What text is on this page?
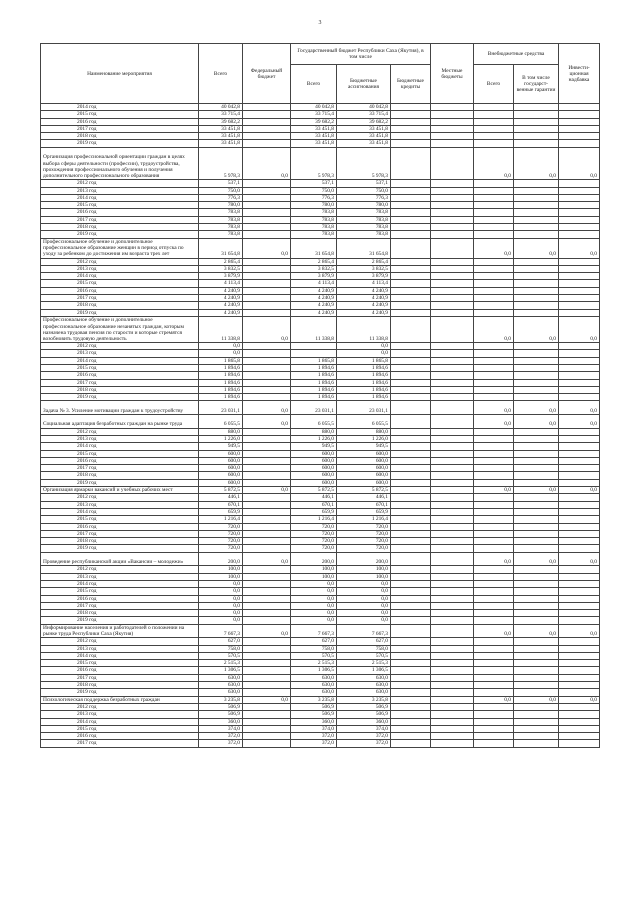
3
Наименование мероприятия	Всего	Федеральный бюджет	Государственный бюджет Республики Саха (Якутия), в том числе			Местные бюджеты	Внебюджетные средства		Инвести-ционная надбавка
			Всего	Бюджетные ассигнования	Бюджетные кредиты		Всего	В том числе государст-венные гарантии	
2014 год	40 042,8		40 042,8	40 042,8					
2015 год	33 715,4		33 715,4	33 715,4					
2016 год	39 682,2		39 682,2	39 682,2					
2017 год	33 451,8		33 451,8	33 451,8					
2018 год	33 451,8		33 451,8	33 451,8					
2019 год	33 451,8		33 451,8	33 451,8					
Организация профессиональной ориентации граждан в целях выбора сферы деятельности (профессии), трудоустройства, прохождения профессионального обучения и получения дополнительного профессионального образования	5 978,3	0,0	5 978,3	5 978,3			0,0	0,0	0,0
2012 год	537,1		537,1	537,1					
2013 год	750,0		750,0	750,0					
2014 год	776,3		776,3	776,3					
2015 год	780,0		780,0	780,0					
2016 год	783,8		783,8	783,8					
2017 год	783,8		783,8	783,8					
2018 год	783,8		783,8	783,8					
2019 год	783,8		783,8	783,8					
Профессиональное обучение и дополнительное профессиональное образование женщин в период отпуска по уходу за ребенком до достижения им возраста трех лет	31 654,8	0,0	31 654,8	31 654,8			0,0	0,0	0,0
2012 год	2 865,4		2 865,4	2 865,4					
2013 год	3 832,5		3 832,5	3 832,5					
2014 год	3 879,9		3 879,9	3 879,9					
2015 год	4 113,4		4 113,4	4 113,4					
2016 год	4 240,9		4 240,9	4 240,9					
2017 год	4 240,9		4 240,9	4 240,9					
2018 год	4 240,9		4 240,9	4 240,9					
2019 год	4 240,9		4 240,9	4 240,9					
Профессиональное обучение и дополнительное профессиональное образование незанятых граждан, которым назначена трудовая пенсия по старости и которые стремятся возобновить трудовую деятельность	11 338,8	0,0	11 338,8	11 338,8			0,0	0,0	0,0
2012 год	0,0			0,0					
2013 год	0,0			0,0					
2014 год	1 865,8		1 865,8	1 865,8					
2015 год	1 894,6		1 894,6	1 894,6					
2016 год	1 894,6		1 894,6	1 894,6					
2017 год	1 894,6		1 894,6	1 894,6					
2018 год	1 894,6		1 894,6	1 894,6					
2019 год	1 894,6		1 894,6	1 894,6					
Задача № 3. Усиление мотивации граждан к трудоустройству	23 031,1	0,0	23 031,1	23 031,1			0,0	0,0	0,0
Социальная адаптация безработных граждан на рынке труда	6 055,5	0,0	6 055,5	6 055,5			0,0	0,0	0,0
2012 год	880,0		880,0	880,0					
2013 год	1 226,0		1 226,0	1 226,0					
2014 год	949,5		949,5	949,5					
2015 год	600,0		600,0	600,0					
2016 год	600,0		600,0	600,0					
2017 год	600,0		600,0	600,0					
2018 год	600,0		600,0	600,0					
2019 год	600,0		600,0	600,0					
Организация ярмарки вакансий и учебных рабочих мест	5 872,5	0,0	5 872,5	5 872,5			0,0	0,0	0,0
2012 год	446,1		446,1	446,1					
2013 год	670,1		670,1	670,1					
2014 год	659,9		659,9	659,9					
2015 год	1 216,4		1 216,4	1 216,4					
2016 год	720,0		720,0	720,0					
2017 год	720,0		720,0	720,0					
2018 год	720,0		720,0	720,0					
2019 год	720,0		720,0	720,0					
Проведение республиканской акции «Вакансии – молодежи»	200,0	0,0	200,0	200,0			0,0	0,0	0,0
2012 год	100,0		100,0	100,0					
2013 год	100,0		100,0	100,0					
2014 год	0,0		0,0	0,0					
2015 год	0,0		0,0	0,0					
2016 год	0,0		0,0	0,0					
2017 год	0,0		0,0	0,0					
2018 год	0,0		0,0	0,0					
2019 год	0,0		0,0	0,0					
Информирование населения и работодателей о положении на рынке труда Республики Саха (Якутия)	7 667,3	0,0	7 667,3	7 667,3			0,0	0,0	0,0
2012 год	627,0		627,0	627,0					
2013 год	758,0		758,0	758,0					
2014 год	570,5		570,5	570,5					
2015 год	2 515,3		2 515,3	2 515,3					
2016 год	1 306,5		1 306,5	1 306,5					
2017 год	630,0		630,0	630,0					
2018 год	630,0		630,0	630,0					
2019 год	630,0		630,0	630,0					
Психологическая поддержка безработных граждан	3 235,8	0,0	3 235,8	3 235,8			0,0	0,0	0,0
2012 год	506,9		506,9	506,9					
2013 год	506,9		506,9	506,9					
2014 год	360,0		360,0	360,0					
2015 год	374,0		374,0	374,0					
2016 год	372,0		372,0	372,0					
2017 год	372,0		372,0	372,0					
